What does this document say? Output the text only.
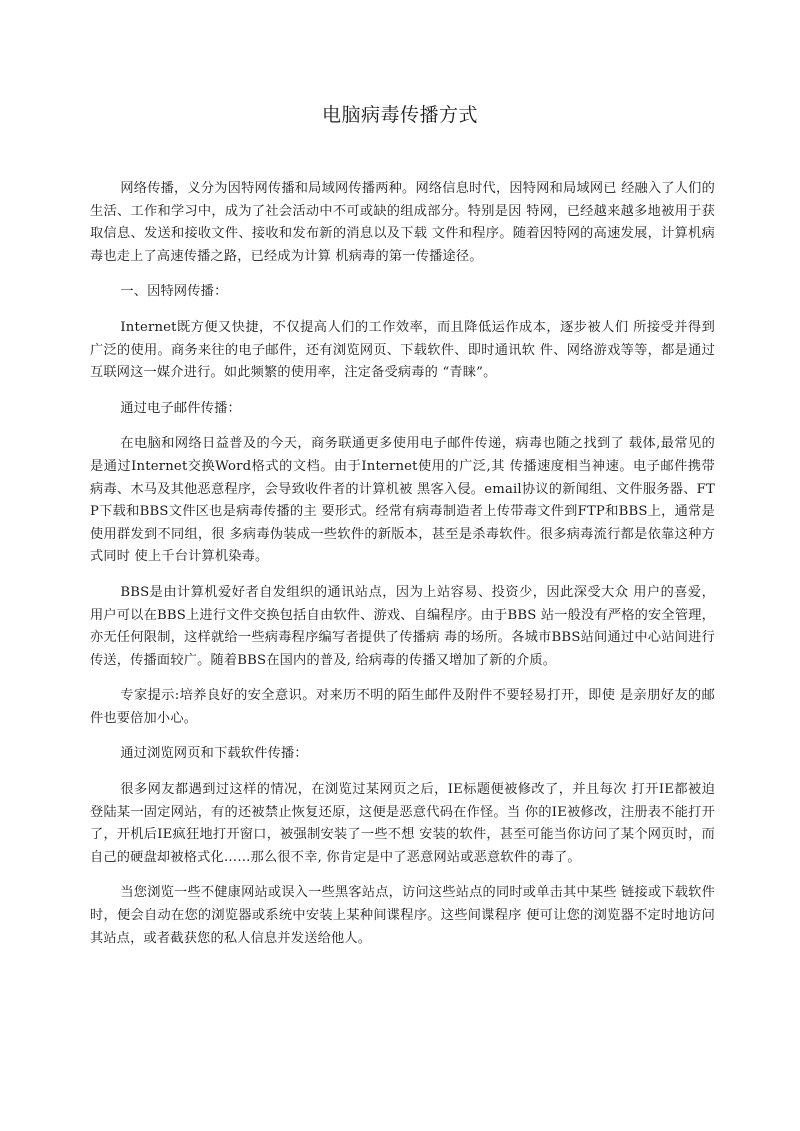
电脑病毒传播方式

网络传播，义分为因特网传播和局域网传播两种。网络信息时代，因特网和局域网已 经融入了人们的生活、工作和学习中，成为了社会活动中不可或缺的组成部分。特别是因 特网，已经越来越多地被用于获取信息、发送和接收文件、接收和发布新的消息以及下载 文件和程序。随着因特网的高速发展，计算机病毒也走上了高速传播之路，已经成为计算 机病毒的第一传播途径。

一、因特网传播：

Internet既方便又快捷，不仅提高人们的工作效率，而且降低运作成本，逐步被人们 所接受并得到广泛的使用。商务来往的电子邮件，还有浏览网页、下载软件、即时通讯软 件、网络游戏等等，都是通过互联网这一媒介进行。如此频繁的使用率，注定备受病毒的 “青睐”。

通过电子邮件传播：

在电脑和网络日益普及的今天，商务联通更多使用电子邮件传递，病毒也随之找到了 载体,最常见的是通过Internet交换Word格式的文档。由于Internet使用的广泛,其 传播速度相当神速。电子邮件携带病毒、木马及其他恶意程序，会导致收件者的计算机被 黑客入侵。email协议的新闻组、文件服务器、FTP下载和BBS文件区也是病毒传播的主 要形式。经常有病毒制造者上传带毒文件到FTP和BBS上，通常是使用群发到不同组，很 多病毒伪装成一些软件的新版本，甚至是杀毒软件。很多病毒流行都是依靠这种方式同时 使上千台计算机染毒。

BBS是由计算机爱好者自发组织的通讯站点，因为上站容易、投资少，因此深受大众 用户的喜爱，用户可以在BBS上进行文件交换包括自由软件、游戏、自编程序。由于BBS 站一般没有严格的安全管理，亦无任何限制，这样就给一些病毒程序编写者提供了传播病 毒的场所。各城市BBS站间通过中心站间进行传送，传播面较广。随着BBS在国内的普及, 给病毒的传播又增加了新的介质。

专家提示:培养良好的安全意识。对来历不明的陌生邮件及附件不要轻易打开，即使 是亲朋好友的邮件也要倍加小心。

通过浏览网页和下载软件传播：

很多网友都遇到过这样的情况，在浏览过某网页之后，IE标题便被修改了，并且每次 打开IE都被迫登陆某一固定网站，有的还被禁止恢复还原，这便是恶意代码在作怪。当 你的IE被修改，注册表不能打开了，开机后IE疯狂地打开窗口，被强制安装了一些不想 安装的软件，甚至可能当你访问了某个网页时，而自己的硬盘却被格式化……那么很不幸, 你肯定是中了恶意网站或恶意软件的毒了。

当您浏览一些不健康网站或误入一些黑客站点，访问这些站点的同时或单击其中某些 链接或下载软件时，便会自动在您的浏览器或系统中安装上某种间谍程序。这些间谍程序 便可让您的浏览器不定时地访问其站点，或者截获您的私人信息并发送给他人。
